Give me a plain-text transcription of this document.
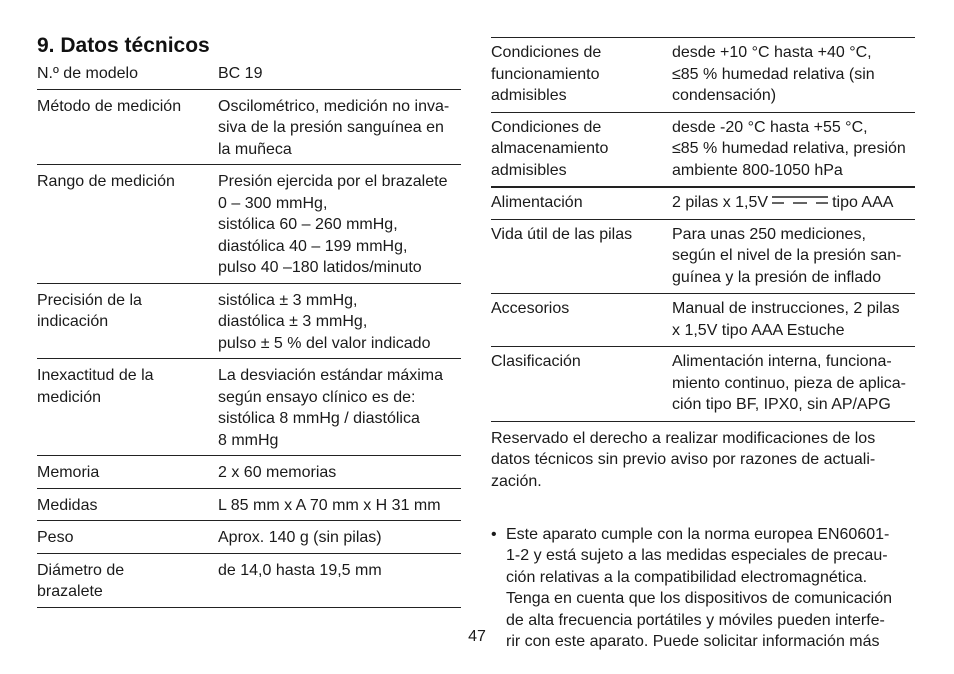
9. Datos técnicos
N.º de modelo	BC 19
Método de medición	Oscilométrico, medición no inva-
siva de la presión sanguínea en
la muñeca
Rango de medición	Presión ejercida por el brazalete
0 – 300 mmHg,
sistólica 60 – 260 mmHg,
diastólica 40 – 199 mmHg,
pulso 40 –180 latidos/minuto
Precisión de la
indicación	sistólica ± 3 mmHg,
diastólica ± 3 mmHg,
pulso ± 5 % del valor indicado
Inexactitud de la
medición	La desviación estándar máxima
según ensayo clínico es de:
sistólica 8 mmHg / diastólica
8 mmHg
Memoria	2 x 60 memorias
Medidas	L 85 mm x A 70 mm x H 31 mm
Peso	Aprox. 140 g (sin pilas)
Diámetro de
brazalete	de 14,0 hasta 19,5 mm
Condiciones de
funcionamiento
admisibles	desde +10 °C hasta +40 °C,
≤85 % humedad relativa (sin
condensación)
Condiciones de
almacenamiento
admisibles	desde -20 °C hasta +55 °C,
≤85 % humedad relativa, presión
ambiente 800-1050 hPa
Alimentación	2 pilas x 1,5V tipo AAA
Vida útil de las pilas	Para unas 250 mediciones,
según el nivel de la presión san-
guínea y la presión de inflado
Accesorios	Manual de instrucciones, 2 pilas
x 1,5V tipo AAA Estuche
Clasificación	Alimentación interna, funciona-
miento continuo, pieza de aplica-
ción tipo BF, IPX0, sin AP/APG

Reservado el derecho a realizar modificaciones de los
datos técnicos sin previo aviso por razones de actuali-
zación.

• Este aparato cumple con la norma europea EN60601-
1-2 y está sujeto a las medidas especiales de precau-
ción relativas a la compatibilidad electromagnética.
Tenga en cuenta que los dispositivos de comunicación
de alta frecuencia portátiles y móviles pueden interfe-
rir con este aparato. Puede solicitar información más

47
